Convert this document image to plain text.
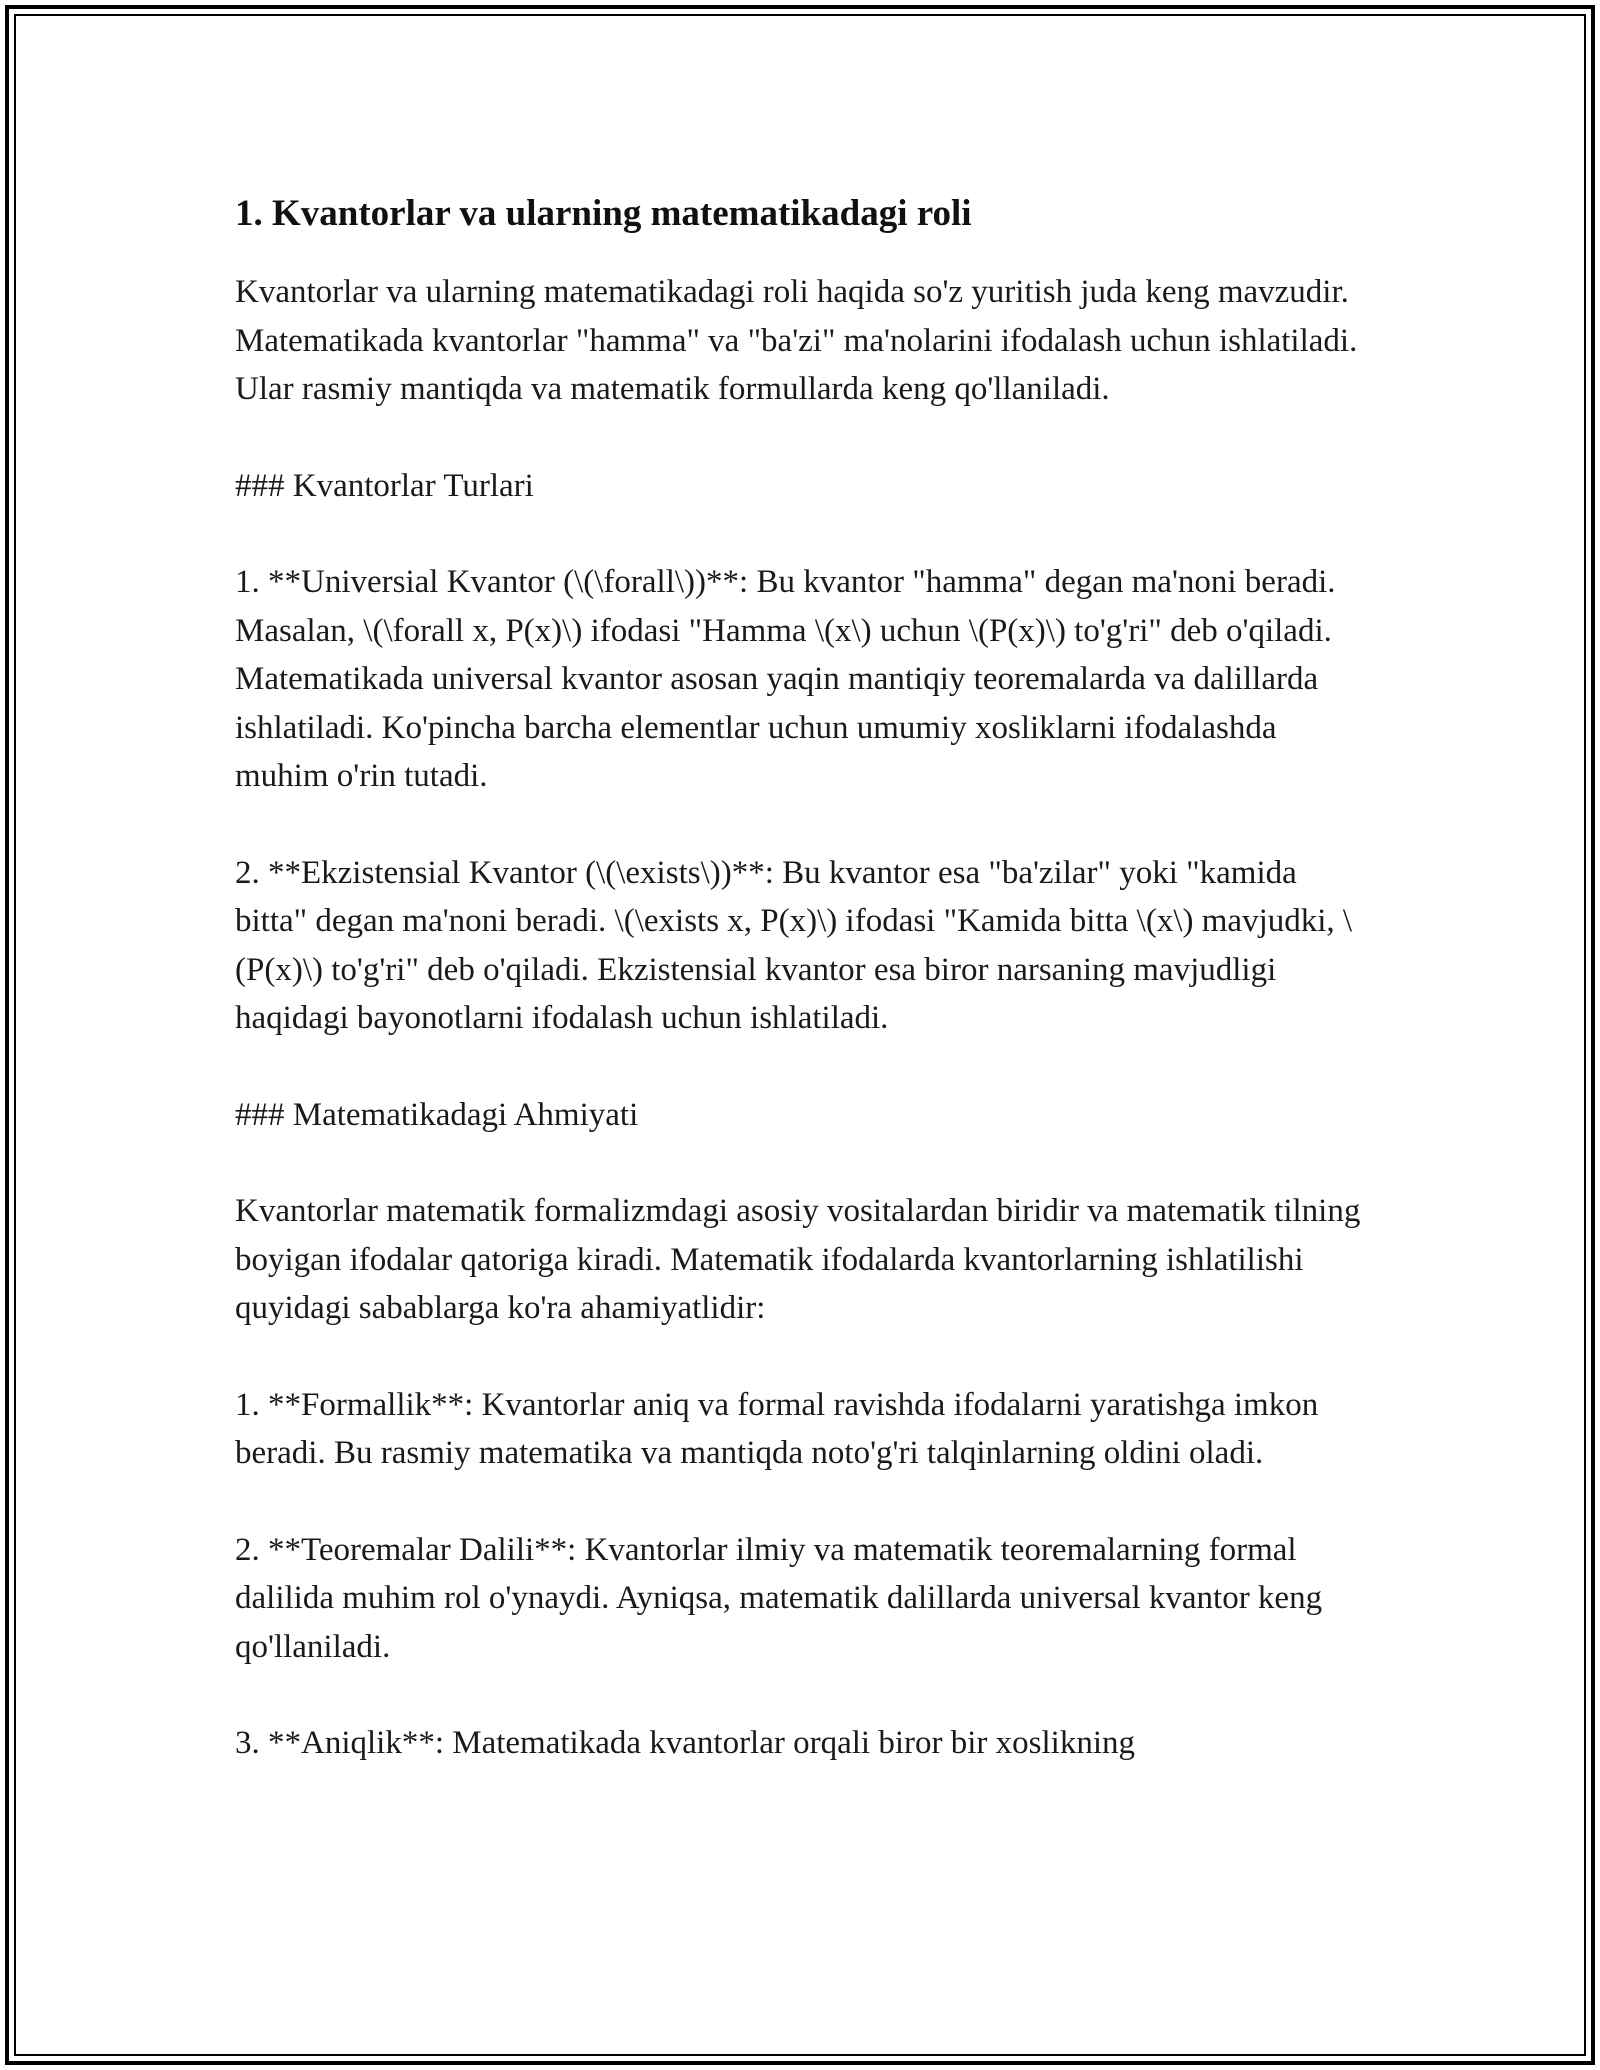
1. Kvantorlar va ularning matematikadagi roli

Kvantorlar va ularning matematikadagi roli haqida so'z yuritish juda keng mavzudir. Matematikada kvantorlar "hamma" va "ba'zi" ma'nolarini ifodalash uchun ishlatiladi. Ular rasmiy mantiqda va matematik formullarda keng qo'llaniladi.

### Kvantorlar Turlari

1. **Universial Kvantor (\(\forall\))**: Bu kvantor "hamma" degan ma'noni beradi. Masalan, \(\forall x, P(x)\) ifodasi "Hamma \(x\) uchun \(P(x)\) to'g'ri" deb o'qiladi. Matematikada universal kvantor asosan yaqin mantiqiy teoremalarda va dalillarda ishlatiladi. Ko'pincha barcha elementlar uchun umumiy xosliklarni ifodalashda muhim o'rin tutadi.

2. **Ekzistensial Kvantor (\(\exists\))**: Bu kvantor esa "ba'zilar" yoki "kamida bitta" degan ma'noni beradi. \(\exists x, P(x)\) ifodasi "Kamida bitta \(x\) mavjudki, \(P(x)\) to'g'ri" deb o'qiladi. Ekzistensial kvantor esa biror narsaning mavjudligi haqidagi bayonotlarni ifodalash uchun ishlatiladi.

### Matematikadagi Ahmiyati

Kvantorlar matematik formalizmdagi asosiy vositalardan biridir va matematik tilning boyigan ifodalar qatoriga kiradi. Matematik ifodalarda kvantorlarning ishlatilishi quyidagi sabablarga ko'ra ahamiyatlidir:

1. **Formallik**: Kvantorlar aniq va formal ravishda ifodalarni yaratishga imkon beradi. Bu rasmiy matematika va mantiqda noto'g'ri talqinlarning oldini oladi.

2. **Teoremalar Dalili**: Kvantorlar ilmiy va matematik teoremalarning formal dalilida muhim rol o'ynaydi. Ayniqsa, matematik dalillarda universal kvantor keng qo'llaniladi.

3. **Aniqlik**: Matematikada kvantorlar orqali biror bir xoslikning
